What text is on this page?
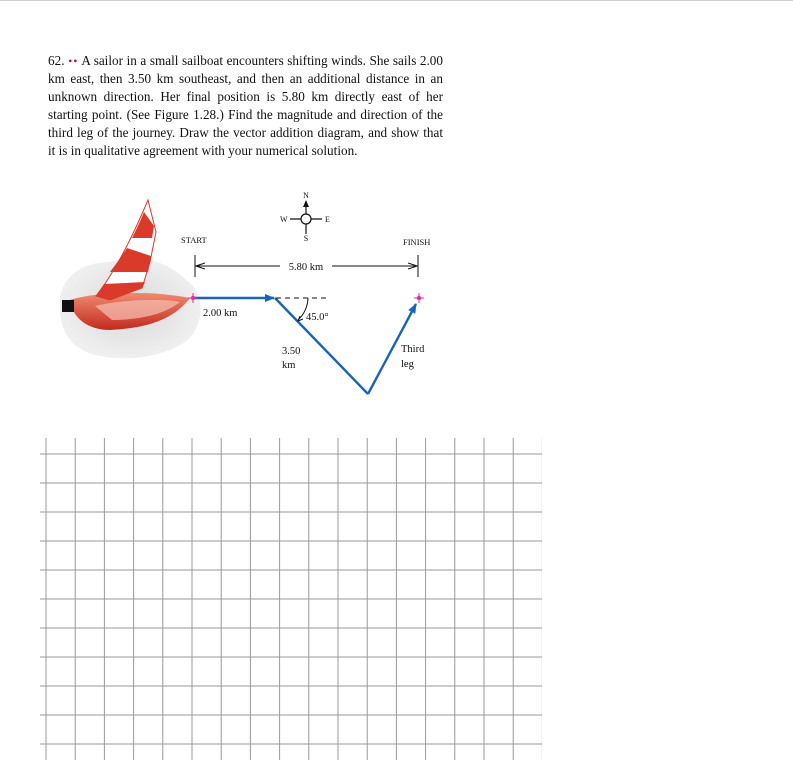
62. •• A sailor in a small sailboat encounters shifting winds. She sails 2.00 km east, then 3.50 km southeast, and then an additional distance in an unknown direction. Her final position is 5.80 km directly east of her starting point. (See Figure 1.28.) Find the magnitude and direction of the third leg of the journey. Draw the vector addition diagram, and show that it is in qualitative agreement with your numerical solution.
N
S
E
W
START	FINISH
5.80 km
2.00 km	45.0°
3.50
km
Third
leg
